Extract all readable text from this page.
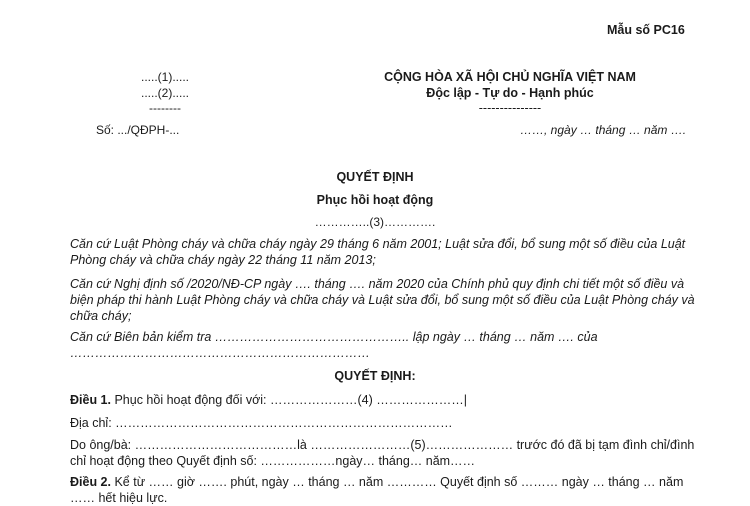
Mẫu số PC16
.....(1).....
.....(2).....
--------
CỘNG HÒA XÃ HỘI CHỦ NGHĨA VIỆT NAM
Độc lập - Tự do - Hạnh phúc
---------------
Số: .../QĐPH-...	……, ngày … tháng … năm ….
QUYẾT ĐỊNH
Phục hồi hoạt động
…………..(3)………….
Căn cứ Luật Phòng cháy và chữa cháy ngày 29 tháng 6 năm 2001; Luật sửa đổi, bổ sung một số điều của Luật Phòng cháy và chữa cháy ngày 22 tháng 11 năm 2013;
Căn cứ Nghị định số /2020/NĐ-CP ngày …. tháng …. năm 2020 của Chính phủ quy định chi tiết một số điều và biện pháp thi hành Luật Phòng cháy và chữa cháy và Luật sửa đổi, bổ sung một số điều của Luật Phòng cháy và chữa cháy;
Căn cứ Biên bản kiểm tra ……………………………………….. lập ngày … tháng … năm …. của ………………………………………………………………
QUYẾT ĐỊNH:
Điều 1. Phục hồi hoạt động đối với: …………………(4) …………………|
Địa chỉ: ………………………………………………………………………
Do ông/bà: …………………………………là ……………………(5)………………… trước đó đã bị tạm đình chỉ/đình chỉ hoạt động theo Quyết định số: ………………ngày… tháng… năm……
Điều 2. Kể từ …… giờ ……. phút, ngày … tháng … năm ………… Quyết định số ……… ngày … tháng … năm …… hết hiệu lực.
